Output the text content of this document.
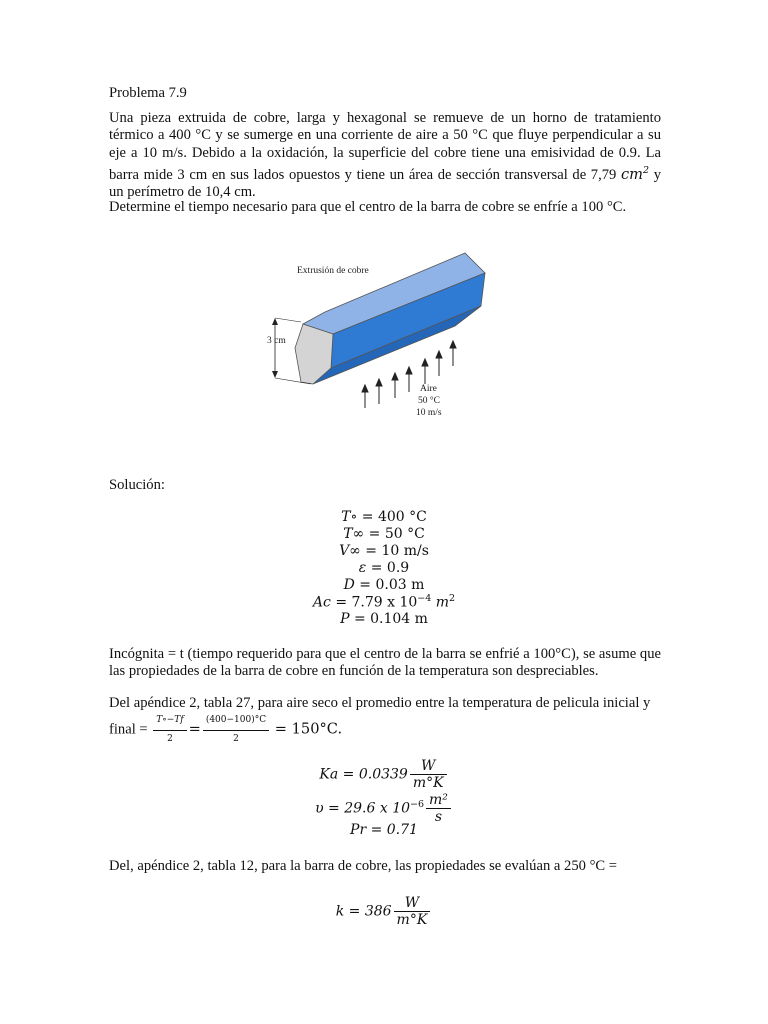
Problema 7.9
Una pieza extruida de cobre, larga y hexagonal se remueve de un horno de tratamiento térmico a 400 °C y se sumerge en una corriente de aire a 50 °C que fluye perpendicular a su eje a 10 m/s. Debido a la oxidación, la superficie del cobre tiene una emisividad de 0.9. La barra mide 3 cm en sus lados opuestos y tiene un área de sección transversal de 7,79 $cm^2$ y un perímetro de 10,4 cm.
Determine el tiempo necesario para que el centro de la barra de cobre se enfríe a 100 °C.
Extrusión de cobre
3 cm
Aire
50 °C
10 m/s
Solución:
T∘ = 400 °C
T∞ = 50 °C
V∞ = 10 m/s
ε = 0.9
D = 0.03 m
Ac = 7.79 x $10^{-4}$ $m^2$
P = 0.104 m
Incógnita = t (tiempo requerido para que el centro de la barra se enfrié a 100°C), se asume que las propiedades de la barra de cobre en función de la temperatura son despreciables.
Del apéndice 2, tabla 27, para aire seco el promedio entre la temperatura de pelicula inicial y final = $\frac{T\circ-Tf}{2} = \frac{(400-100)^\circ C}{2} = 150^\circ C$.
$Ka = 0.0339 \frac{W}{m^\circ K}$
υ = 29.6 x $10^{-6} \frac{\text{m²}}{s}$
Pr = 0.71
Del, apéndice 2, tabla 12, para la barra de cobre, las propiedades se evalúan a 250 °C =
$k = 386 \frac{W}{m^\circ K}$
